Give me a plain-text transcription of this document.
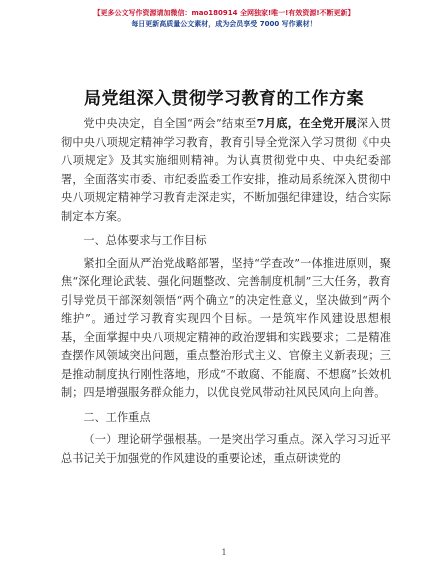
【更多公文写作资源请加微信：mao180914 全网独家!唯一!有效资源!不断更新】
每日更新高质量公文素材，成为会员享受 7000 写作素材！
局党组深入贯彻学习教育的工作方案

党中央决定，自全国“两会”结束至7月底，在全党开展深入贯彻中央八项规定精神学习教育，教育引导全党深入学习贯彻《中央八项规定》及其实施细则精神。为认真贯彻党中央、中央纪委部署，全面落实市委、市纪委监委工作安排，推动局系统深入贯彻中央八项规定精神学习教育走深走实，不断加强纪律建设，结合实际制定本方案。

一、总体要求与工作目标

紧扣全面从严治党战略部署，坚持“学查改”一体推进原则，聚焦“深化理论武装、强化问题整改、完善制度机制”三大任务，教育引导党员干部深刻领悟“两个确立”的决定性意义，坚决做到“两个维护”。通过学习教育实现四个目标。一是筑牢作风建设思想根基，全面掌握中央八项规定精神的政治逻辑和实践要求；二是精准查摆作风领域突出问题，重点整治形式主义、官僚主义新表现；三是推动制度执行刚性落地，形成“不敢腐、不能腐、不想腐”长效机制；四是增强服务群众能力，以优良党风带动社风民风向上向善。

二、工作重点

（一）理论研学强根基。一是突出学习重点。深入学习习近平总书记关于加强党的作风建设的重要论述，重点研读党的

1
